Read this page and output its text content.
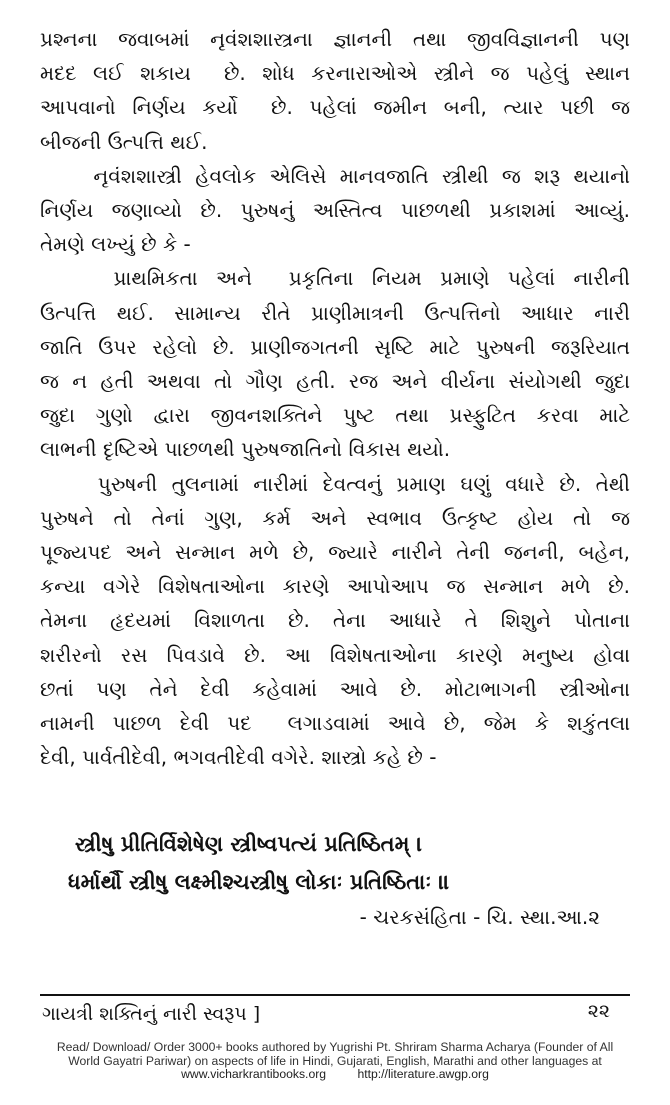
પ્રશ્નના જવાબમાં નૃવંશશાસ્ત્રના જ્ઞાનની તથા જીવવિજ્ઞાનની પણ
મદદ લઈ શકાય  છે. શોધ કરનારાઓએ સ્ત્રીને જ પહેલું સ્થાન
આપવાનો નિર્ણય કર્યો  છે. પહેલાં જમીન બની, ત્યાર પછી જ
બીજની ઉત્પત્તિ થઈ.
નૃવંશશાસ્ત્રી હેવલોક એલિસે માનવજાતિ સ્ત્રીથી જ શરૂ થયાનો
નિર્ણય જણાવ્યો છે. પુરુષનું અસ્તિત્વ પાછળથી પ્રકાશમાં આવ્યું.
તેમણે લખ્યું છે કે -
પ્રાથમિકતા અને  પ્રકૃતિના નિયમ પ્રમાણે પહેલાં નારીની
ઉત્પત્તિ થઈ. સામાન્ય રીતે પ્રાણીમાત્રની ઉત્પત્તિનો આધાર નારી
જાતિ ઉપર રહેલો છે. પ્રાણીજગતની સૃષ્ટિ માટે પુરુષની જરૂરિયાત
જ ન હતી અથવા તો ગૌણ હતી. રજ અને વીર્યના સંયોગથી જુદા
જુદા ગુણો દ્વારા જીવનશક્તિને પુષ્ટ તથા પ્રસ્ફુટિત કરવા માટે
લાભની દૃષ્ટિએ પાછળથી પુરુષજાતિનો વિકાસ થયો.
પુરુષની તુલનામાં નારીમાં દેવત્વનું પ્રમાણ ઘણું વધારે છે. તેથી
પુરુષને તો તેનાં ગુણ, કર્મ અને સ્વભાવ ઉત્કૃષ્ટ હોય તો જ
પૂજ્યપદ અને સન્માન મળે છે, જ્યારે નારીને તેની જનની, બહેન,
કન્યા વગેરે વિશેષતાઓના કારણે આપોઆપ જ સન્માન મળે છે.
તેમના હૃદયમાં વિશાળતા છે. તેના આધારે તે શિશુને પોતાના
શરીરનો રસ પિવડાવે છે. આ વિશેષતાઓના કારણે મનુષ્ય હોવા
છતાં પણ તેને દેવી કહેવામાં આવે છે. મોટાભાગની સ્ત્રીઓના
નામની પાછળ દેવી પદ  લગાડવામાં આવે છે, જેમ કે શકુંતલા
દેવી, પાર્વતીદેવી, ભગવતીદેવી વગેરે. શાસ્ત્રો કહે છે -
સ્ત્રીષુ પ્રીતિર્વિશેષેણ સ્ત્રીષ્વપત્યં પ્રતિષ્ઠિતમ્ ।
ધર્માર્થૌ સ્ત્રીષુ લક્ષ્મીશ્ચસ્ત્રીષુ લોકાઃ પ્રતિષ્ઠિતાઃ ॥
- ચરકસંહિતા - ચિ. સ્થા.આ.૨
ગાયત્રી શક્તિનું નારી સ્વરૂપ ]	૨૨
Read/ Download/ Order 3000+ books authored by Yugrishi Pt. Shriram Sharma Acharya (Founder of All
World Gayatri Pariwar) on aspects of life in Hindi, Gujarati, English, Marathi and other languages at
www.vicharkrantibooks.org	http://literature.awgp.org
